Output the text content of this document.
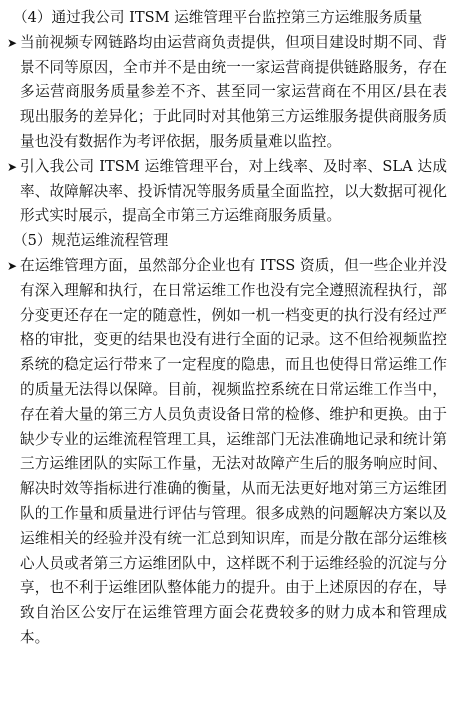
（4）通过我公司 ITSM 运维管理平台监控第三方运维服务质量
➤ 当前视频专网链路均由运营商负责提供，但项目建设时期不同、背景不同等原因，全市并不是由统一一家运营商提供链路服务，存在多运营商服务质量参差不齐、甚至同一家运营商在不用区/县在表现出服务的差异化；于此同时对其他第三方运维服务提供商服务质量也没有数据作为考评依据，服务质量难以监控。
➤ 引入我公司 ITSM 运维管理平台，对上线率、及时率、SLA 达成率、故障解决率、投诉情况等服务质量全面监控，以大数据可视化形式实时展示，提高全市第三方运维商服务质量。
（5）规范运维流程管理
➤ 在运维管理方面，虽然部分企业也有 ITSS 资质，但一些企业并没有深入理解和执行，在日常运维工作也没有完全遵照流程执行，部分变更还存在一定的随意性，例如一机一档变更的执行没有经过严格的审批，变更的结果也没有进行全面的记录。这不但给视频监控系统的稳定运行带来了一定程度的隐患，而且也使得日常运维工作的质量无法得以保障。目前，视频监控系统在日常运维工作当中，存在着大量的第三方人员负责设备日常的检修、维护和更换。由于缺少专业的运维流程管理工具，运维部门无法准确地记录和统计第三方运维团队的实际工作量，无法对故障产生后的服务响应时间、解决时效等指标进行准确的衡量，从而无法更好地对第三方运维团队的工作量和质量进行评估与管理。很多成熟的问题解决方案以及运维相关的经验并没有统一汇总到知识库，而是分散在部分运维核心人员或者第三方运维团队中，这样既不利于运维经验的沉淀与分享，也不利于运维团队整体能力的提升。由于上述原因的存在，导致自治区公安厅在运维管理方面会花费较多的财力成本和管理成本。
